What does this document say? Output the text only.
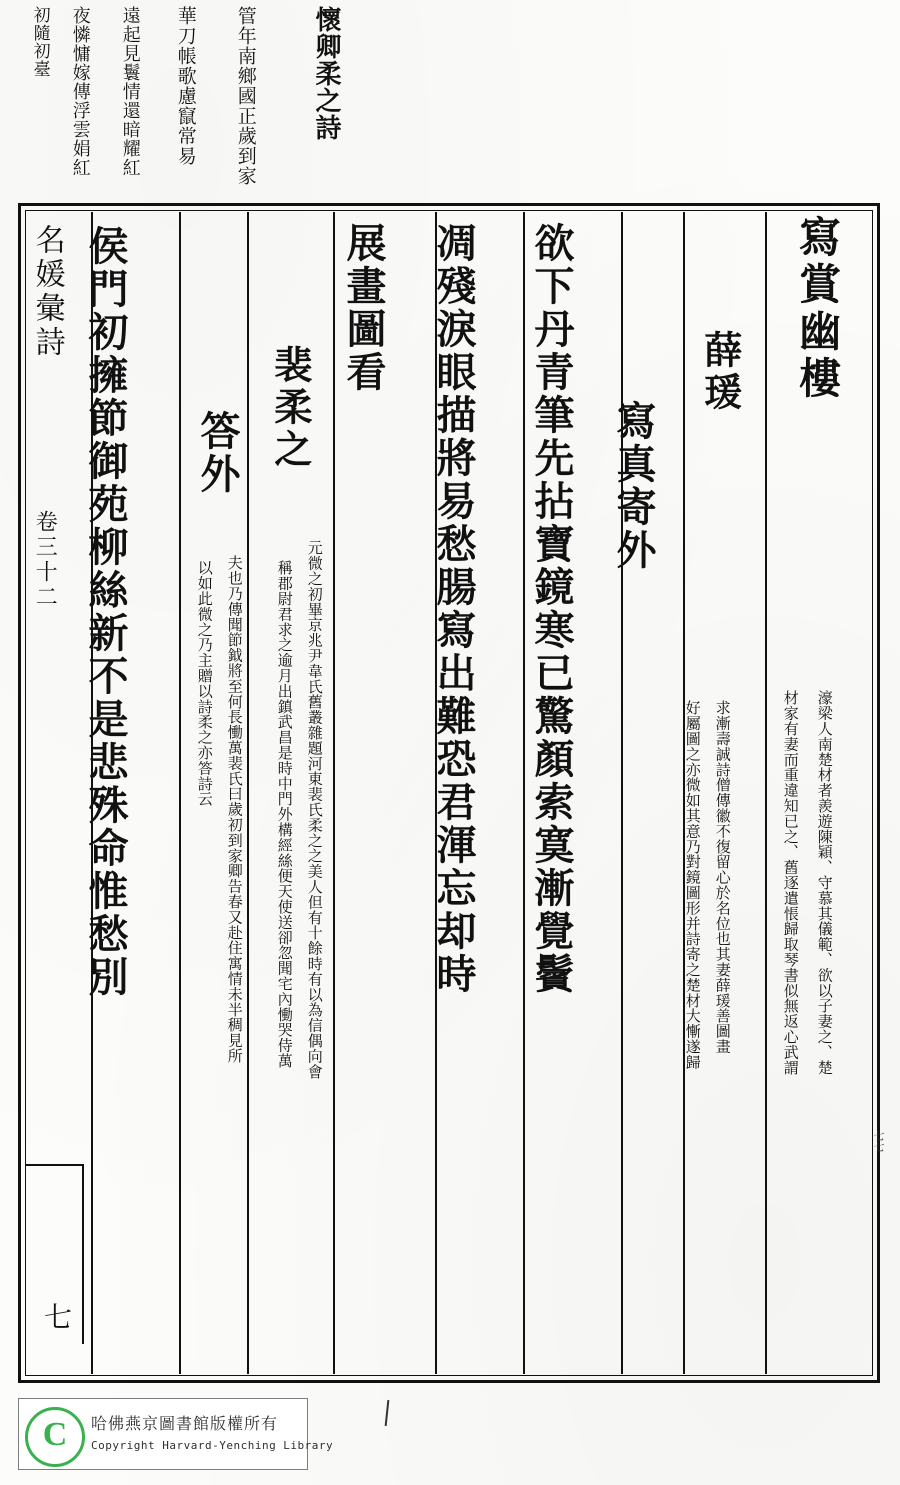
初隨初臺 夜憐慵嫁傳浮雲娟紅 遠起見鬟情還暗耀紅 華刀帳歌慮竄常易 管年南鄉國正歲到家 懷卿柔之詩
名媛彙詩
卷三十二
七
寫賞幽樓
薛瑗
寫真寄外
欲下丹青筆先拈寶鏡寒已驚顏索寞漸覺鬢
凋殘淚眼描將易愁腸寫出難恐君渾忘却時
展畫圖看
濠梁人南楚材者羨遊陳穎、守慕其儀範、欲以子妻之、楚
材家有妻而重違知已之、舊逐遣悵歸取琴書似無返心武謂
求漸壽誠詩僧傳徽不復留心於名位也其妻薛瑗善圖畫
好屬圖之亦微如其意乃對鏡圖形并詩寄之楚材大慚遂歸
裴柔之
答外
侯門初擁節御苑柳絲新不是悲殊命惟愁別	元微之初畢京兆尹韋氏舊叢雜題河東裴氏柔之之美人但有十餘時有以為信偶向會
稱郡尉君求之逾月出鎮武昌是時中門外構經絲便天使送卻忽聞宅內慟哭侍萬
夫也乃傳聞節鉞將至何長慟萬裴氏曰歲初到家卿告春又赴住寓情未半稠見所
以如此微之乃主贈以詩柔之亦答詩云
七七
C	哈佛燕京圖書館版權所有
Copyright Harvard-Yenching Library
